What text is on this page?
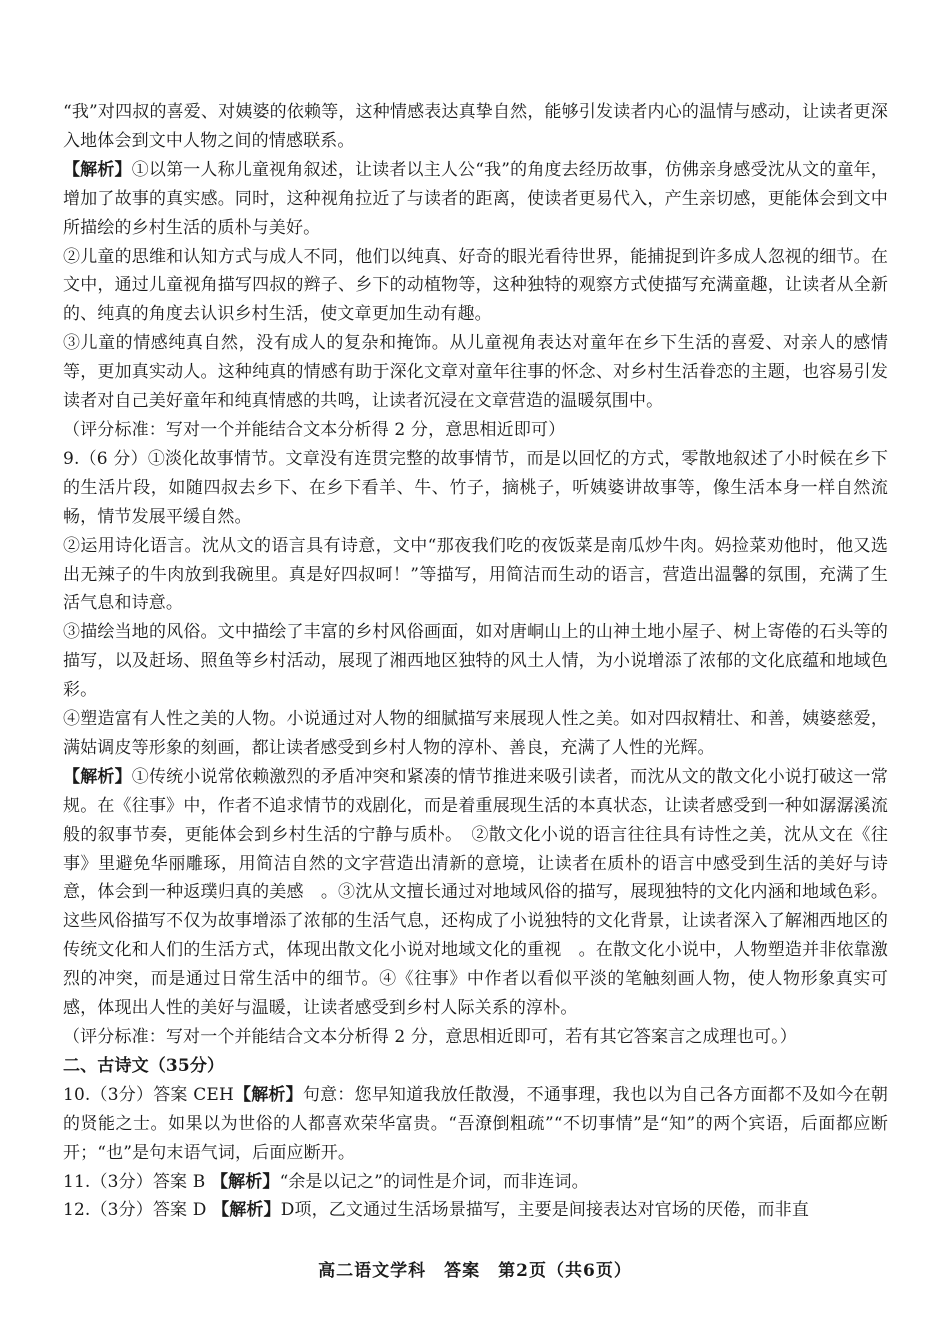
“我”对四叔的喜爱、对姨婆的依赖等，这种情感表达真挚自然，能够引发读者内心的温情与感动，让读者更深入地体会到文中人物之间的情感联系。

【解析】①以第一人称儿童视角叙述，让读者以主人公“我”的角度去经历故事，仿佛亲身感受沈从文的童年，增加了故事的真实感。同时，这种视角拉近了与读者的距离，使读者更易代入，产生亲切感，更能体会到文中所描绘的乡村生活的质朴与美好。

②儿童的思维和认知方式与成人不同，他们以纯真、好奇的眼光看待世界，能捕捉到许多成人忽视的细节。在文中，通过儿童视角描写四叔的辫子、乡下的动植物等，这种独特的观察方式使描写充满童趣，让读者从全新的、纯真的角度去认识乡村生活，使文章更加生动有趣。

③儿童的情感纯真自然，没有成人的复杂和掩饰。从儿童视角表达对童年在乡下生活的喜爱、对亲人的感情等，更加真实动人。这种纯真的情感有助于深化文章对童年往事的怀念、对乡村生活眷恋的主题，也容易引发读者对自己美好童年和纯真情感的共鸣，让读者沉浸在文章营造的温暖氛围中。

（评分标准：写对一个并能结合文本分析得 2 分，意思相近即可）

9.（6 分）①淡化故事情节。文章没有连贯完整的故事情节，而是以回忆的方式，零散地叙述了小时候在乡下的生活片段，如随四叔去乡下、在乡下看羊、牛、竹子，摘桃子，听姨婆讲故事等，像生活本身一样自然流畅，情节发展平缓自然。

②运用诗化语言。沈从文的语言具有诗意，文中“那夜我们吃的夜饭菜是南瓜炒牛肉。妈捡菜劝他时，他又选出无辣子的牛肉放到我碗里。真是好四叔呵！”等描写，用简洁而生动的语言，营造出温馨的氛围，充满了生活气息和诗意。

③描绘当地的风俗。文中描绘了丰富的乡村风俗画面，如对唐峒山上的山神土地小屋子、树上寄倦的石头等的描写，以及赶场、照鱼等乡村活动，展现了湘西地区独特的风土人情，为小说增添了浓郁的文化底蕴和地域色彩。

④塑造富有人性之美的人物。小说通过对人物的细腻描写来展现人性之美。如对四叔精壮、和善，姨婆慈爱，满姑调皮等形象的刻画，都让读者感受到乡村人物的淳朴、善良，充满了人性的光辉。

【解析】①传统小说常依赖激烈的矛盾冲突和紧凑的情节推进来吸引读者，而沈从文的散文化小说打破这一常规。在《往事》中，作者不追求情节的戏剧化，而是着重展现生活的本真状态，让读者感受到一种如潺潺溪流般的叙事节奏，更能体会到乡村生活的宁静与质朴。　②散文化小说的语言往往具有诗性之美，沈从文在《往事》里避免华丽雕琢，用简洁自然的文字营造出清新的意境，让读者在质朴的语言中感受到生活的美好与诗意，体会到一种返璞归真的美感　。③沈从文擅长通过对地域风俗的描写，展现独特的文化内涵和地域色彩。这些风俗描写不仅为故事增添了浓郁的生活气息，还构成了小说独特的文化背景，让读者深入了解湘西地区的传统文化和人们的生活方式，体现出散文化小说对地域文化的重视　。在散文化小说中，人物塑造并非依靠激烈的冲突，而是通过日常生活中的细节。④《往事》中作者以看似平淡的笔触刻画人物，使人物形象真实可感，体现出人性的美好与温暖，让读者感受到乡村人际关系的淳朴。

（评分标准：写对一个并能结合文本分析得 2 分，意思相近即可，若有其它答案言之成理也可。）

二、古诗文（35分）

10.（3分）答案 CEH【解析】句意：您早知道我放任散漫，不通事理，我也以为自己各方面都不及如今在朝的贤能之士。如果以为世俗的人都喜欢荣华富贵。“吾潦倒粗疏”“不切事情”是“知”的两个宾语，后面都应断开；“也”是句末语气词，后面应断开。

11.（3分）答案 B 【解析】“余是以记之”的词性是介词，而非连词。

12.（3分）答案 D 【解析】D项，乙文通过生活场景描写，主要是间接表达对官场的厌倦，而非直

高二语文学科　答案　第2页（共6页）
